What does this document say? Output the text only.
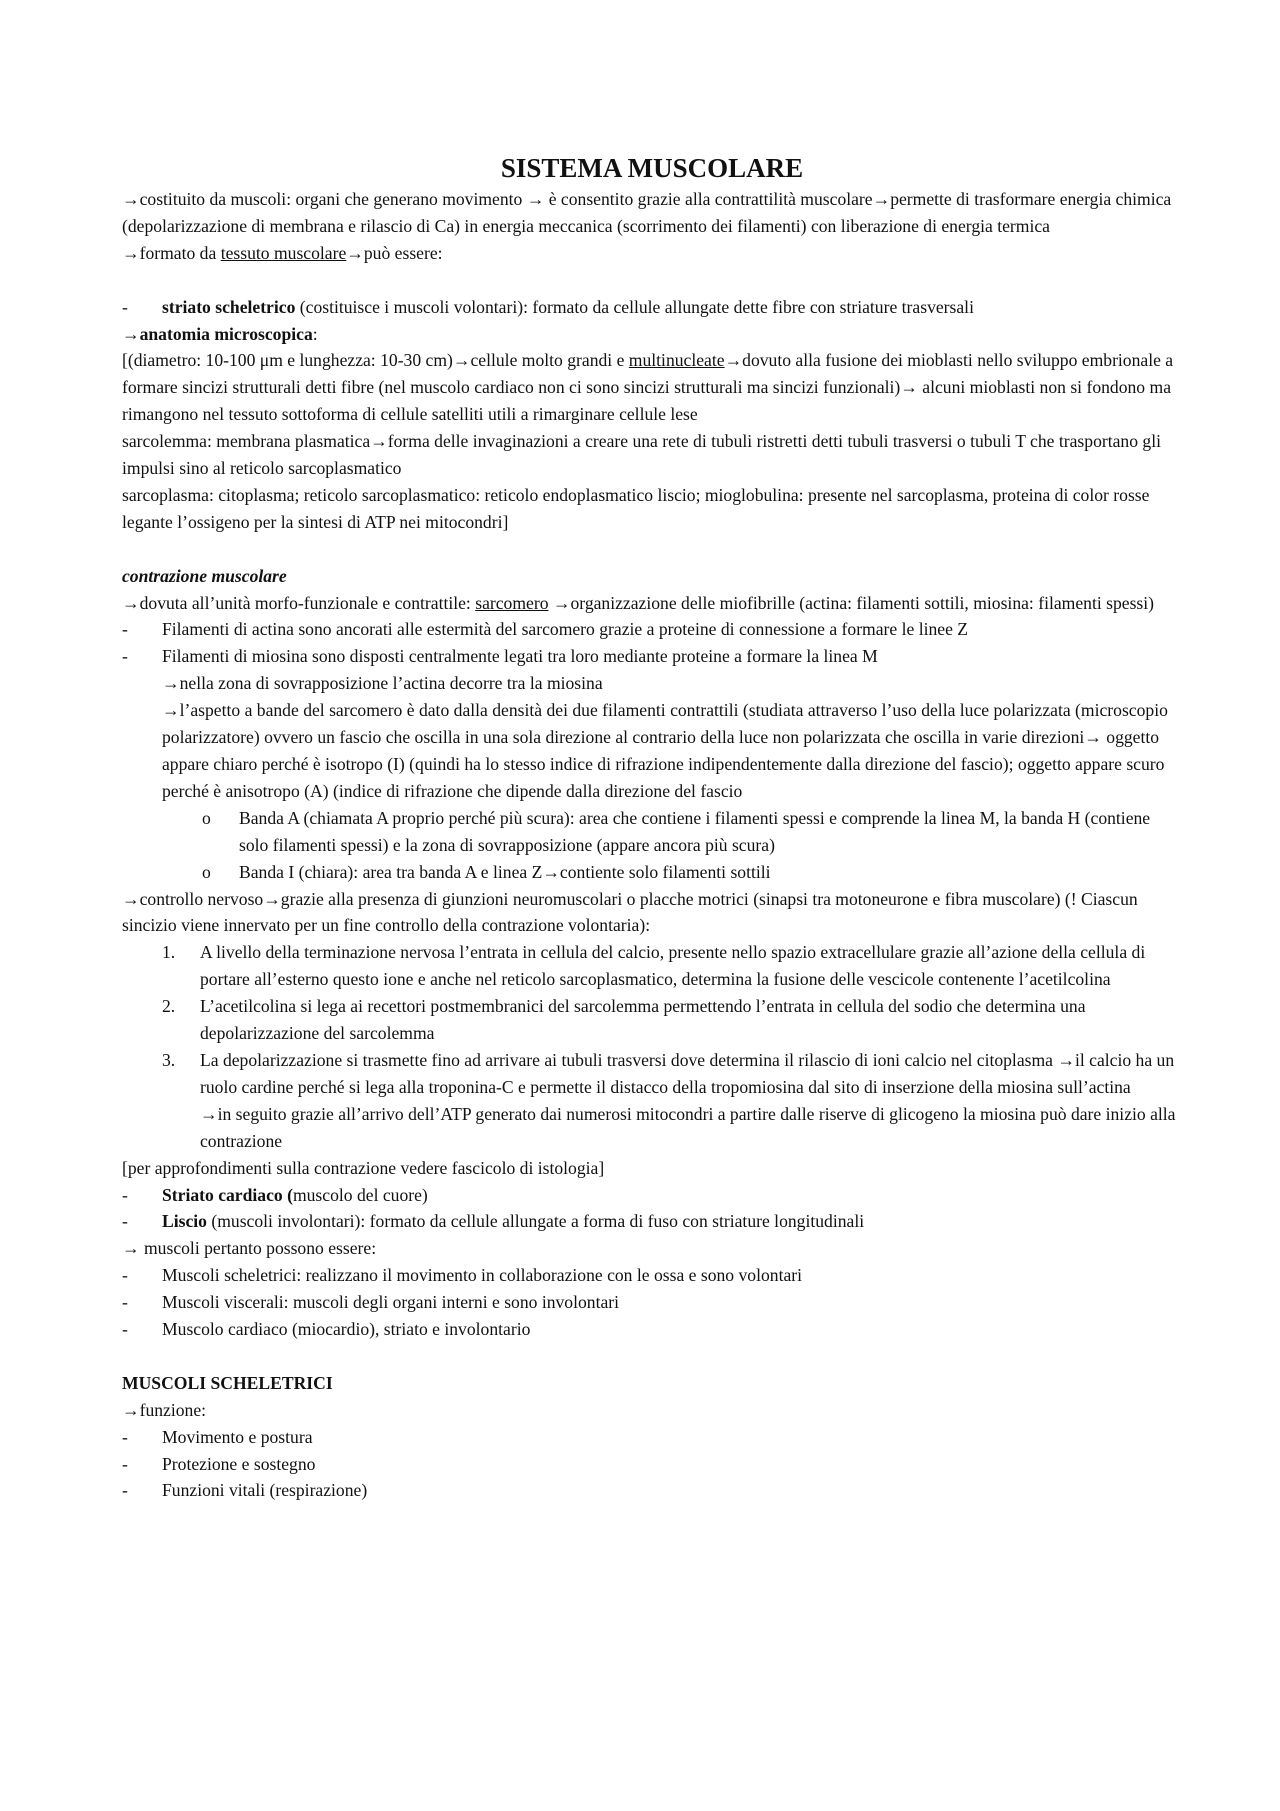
SISTEMA MUSCOLARE

→costituito da muscoli: organi che generano movimento → è consentito grazie alla contrattilità muscolare→permette di trasformare energia chimica (depolarizzazione di membrana e rilascio di Ca) in energia meccanica (scorrimento dei filamenti) con liberazione di energia termica

→formato da tessuto muscolare→può essere:

- striato scheletrico (costituisce i muscoli volontari): formato da cellule allungate dette fibre con striature trasversali

→anatomia microscopica:

[(diametro: 10-100 μm e lunghezza: 10-30 cm)→cellule molto grandi e multinucleate→dovuto alla fusione dei mioblasti nello sviluppo embrionale a formare sincizi strutturali detti fibre (nel muscolo cardiaco non ci sono sincizi strutturali ma sincizi funzionali)→ alcuni mioblasti non si fondono ma rimangono nel tessuto sottoforma di cellule satelliti utili a rimarginare cellule lese

sarcolemma: membrana plasmatica→forma delle invaginazioni a creare una rete di tubuli ristretti detti tubuli trasversi o tubuli T che trasportano gli impulsi sino al reticolo sarcoplasmatico

sarcoplasma: citoplasma; reticolo sarcoplasmatico: reticolo endoplasmatico liscio; mioglobulina: presente nel sarcoplasma, proteina di color rosse legante l’ossigeno per la sintesi di ATP nei mitocondri]

contrazione muscolare

→dovuta all’unità morfo-funzionale e contrattile: sarcomero →organizzazione delle miofibrille (actina: filamenti sottili, miosina: filamenti spessi)

- Filamenti di actina sono ancorati alle estermità del sarcomero grazie a proteine di connessione a formare le linee Z

- Filamenti di miosina sono disposti centralmente legati tra loro mediante proteine a formare la linea M

→nella zona di sovrapposizione l’actina decorre tra la miosina

→l’aspetto a bande del sarcomero è dato dalla densità dei due filamenti contrattili (studiata attraverso l’uso della luce polarizzata (microscopio polarizzatore) ovvero un fascio che oscilla in una sola direzione al contrario della luce non polarizzata che oscilla in varie direzioni→ oggetto appare chiaro perché è isotropo (I) (quindi ha lo stesso indice di rifrazione indipendentemente dalla direzione del fascio); oggetto appare scuro perché è anisotropo (A) (indice di rifrazione che dipende dalla direzione del fascio

o Banda A (chiamata A proprio perché più scura): area che contiene i filamenti spessi e comprende la linea M, la banda H (contiene solo filamenti spessi) e la zona di sovrapposizione (appare ancora più scura)

o Banda I (chiara): area tra banda A e linea Z→contiente solo filamenti sottili

→controllo nervoso→grazie alla presenza di giunzioni neuromuscolari o placche motrici (sinapsi tra motoneurone e fibra muscolare) (! Ciascun sincizio viene innervato per un fine controllo della contrazione volontaria):

1. A livello della terminazione nervosa l’entrata in cellula del calcio, presente nello spazio extracellulare grazie all’azione della cellula di portare all’esterno questo ione e anche nel reticolo sarcoplasmatico, determina la fusione delle vescicole contenente l’acetilcolina

2. L’acetilcolina si lega ai recettori postmembranici del sarcolemma permettendo l’entrata in cellula del sodio che determina una depolarizzazione del sarcolemma

3. La depolarizzazione si trasmette fino ad arrivare ai tubuli trasversi dove determina il rilascio di ioni calcio nel citoplasma →il calcio ha un ruolo cardine perché si lega alla troponina-C e permette il distacco della tropomiosina dal sito di inserzione della miosina sull’actina

→in seguito grazie all’arrivo dell’ATP generato dai numerosi mitocondri a partire dalle riserve di glicogeno la miosina può dare inizio alla contrazione

[per approfondimenti sulla contrazione vedere fascicolo di istologia]

- Striato cardiaco (muscolo del cuore)

- Liscio (muscoli involontari): formato da cellule allungate a forma di fuso con striature longitudinali

→ muscoli pertanto possono essere:

- Muscoli scheletrici: realizzano il movimento in collaborazione con le ossa e sono volontari

- Muscoli viscerali: muscoli degli organi interni e sono involontari

- Muscolo cardiaco (miocardio), striato e involontario

MUSCOLI SCHELETRICI

→funzione:

- Movimento e postura

- Protezione e sostegno

- Funzioni vitali (respirazione)
